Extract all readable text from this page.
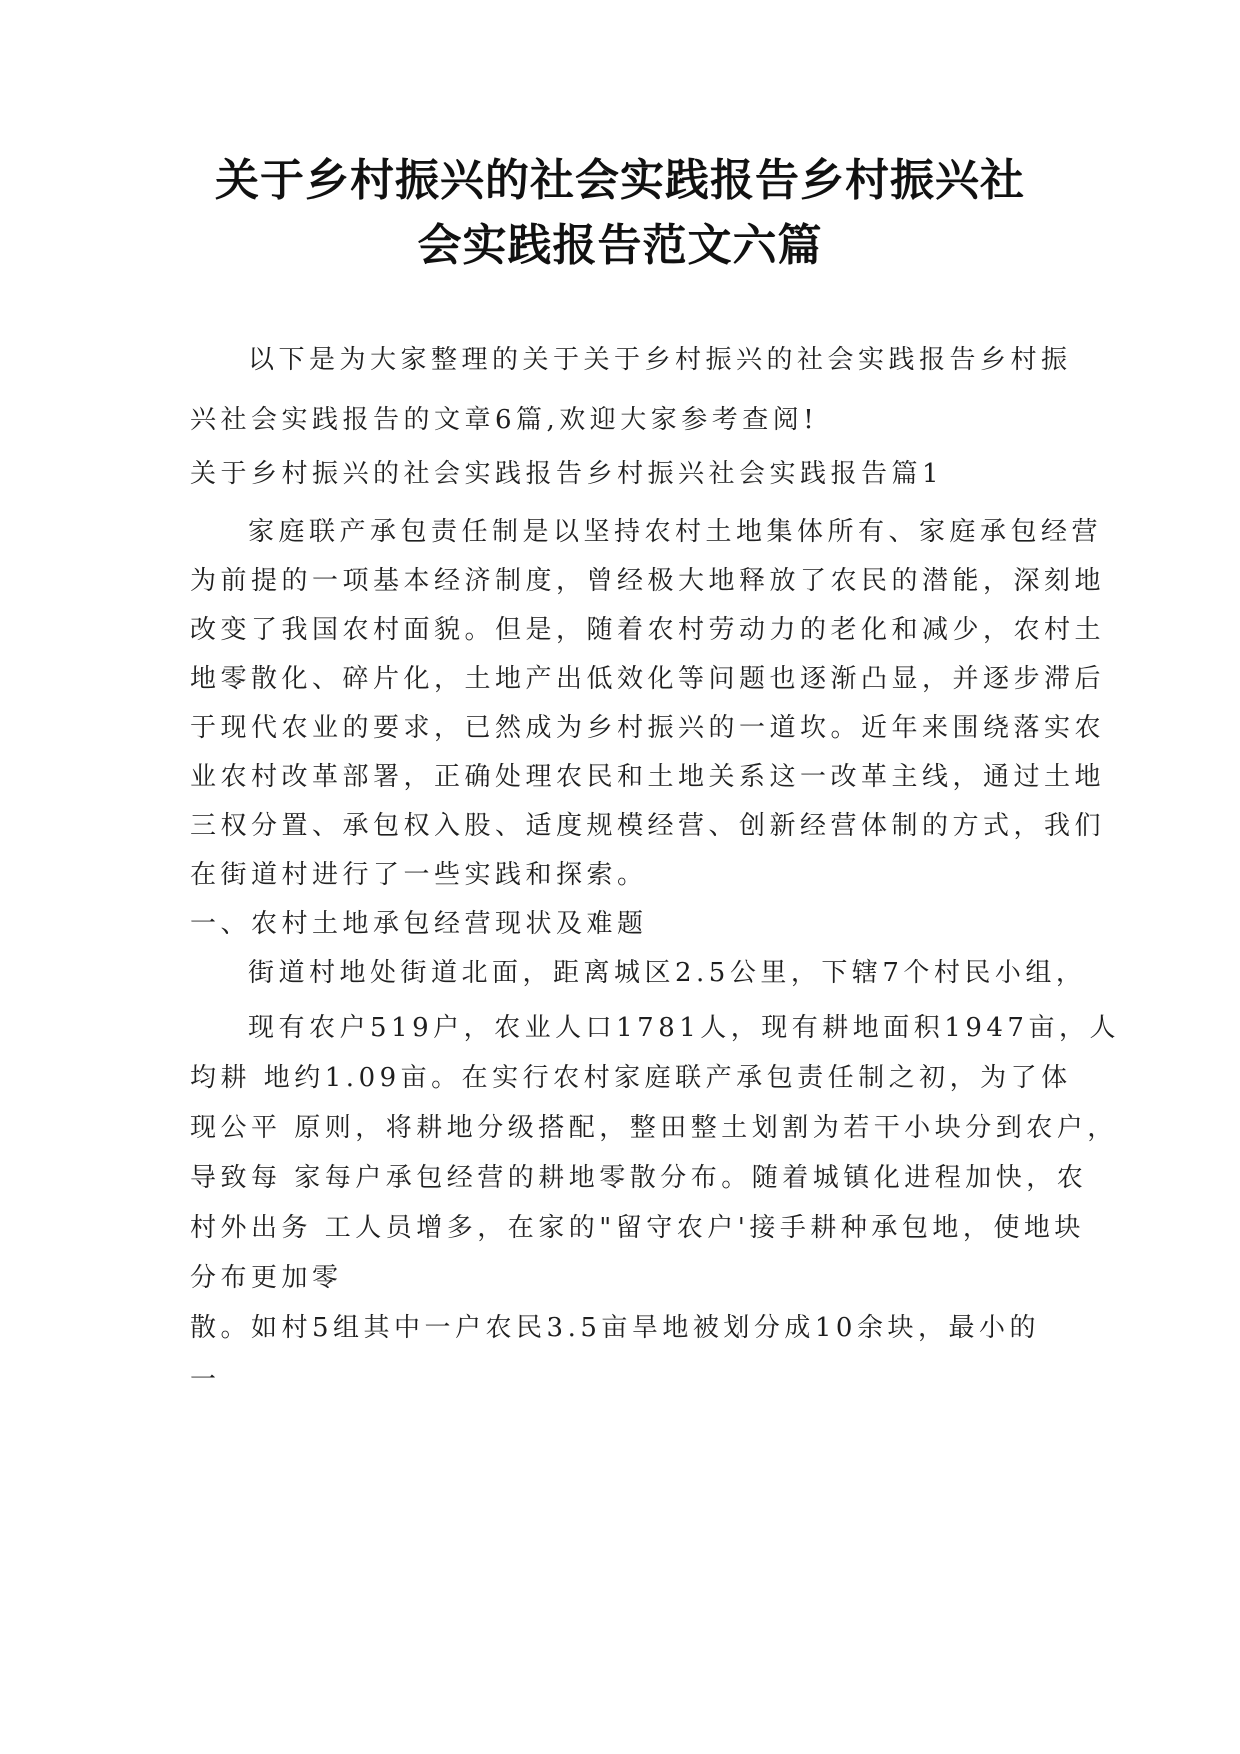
关于乡村振兴的社会实践报告乡村振兴社
会实践报告范文六篇
以下是为大家整理的关于关于乡村振兴的社会实践报告乡村振
兴社会实践报告的文章6篇,欢迎大家参考查阅!
关于乡村振兴的社会实践报告乡村振兴社会实践报告篇1
家庭联产承包责任制是以坚持农村土地集体所有、家庭承包经营
为前提的一项基本经济制度，曾经极大地释放了农民的潜能，深刻地
改变了我国农村面貌。但是，随着农村劳动力的老化和减少，农村土
地零散化、碎片化，土地产出低效化等问题也逐渐凸显，并逐步滞后
于现代农业的要求，已然成为乡村振兴的一道坎。近年来围绕落实农
业农村改革部署，正确处理农民和土地关系这一改革主线，通过土地
三权分置、承包权入股、适度规模经营、创新经营体制的方式，我们
在街道村进行了一些实践和探索。
一、农村土地承包经营现状及难题
街道村地处街道北面，距离城区2.5公里，下辖7个村民小组，
现有农户519户，农业人口1781人，现有耕地面积1947亩，人
均耕 地约1.09亩。在实行农村家庭联产承包责任制之初，为了体
现公平 原则，将耕地分级搭配，整田整土划割为若干小块分到农户，
导致每 家每户承包经营的耕地零散分布。随着城镇化进程加快，农
村外出务 工人员增多，在家的"留守农户'接手耕种承包地，使地块
分布更加零
散。如村5组其中一户农民3.5亩旱地被划分成10余块，最小的
一
